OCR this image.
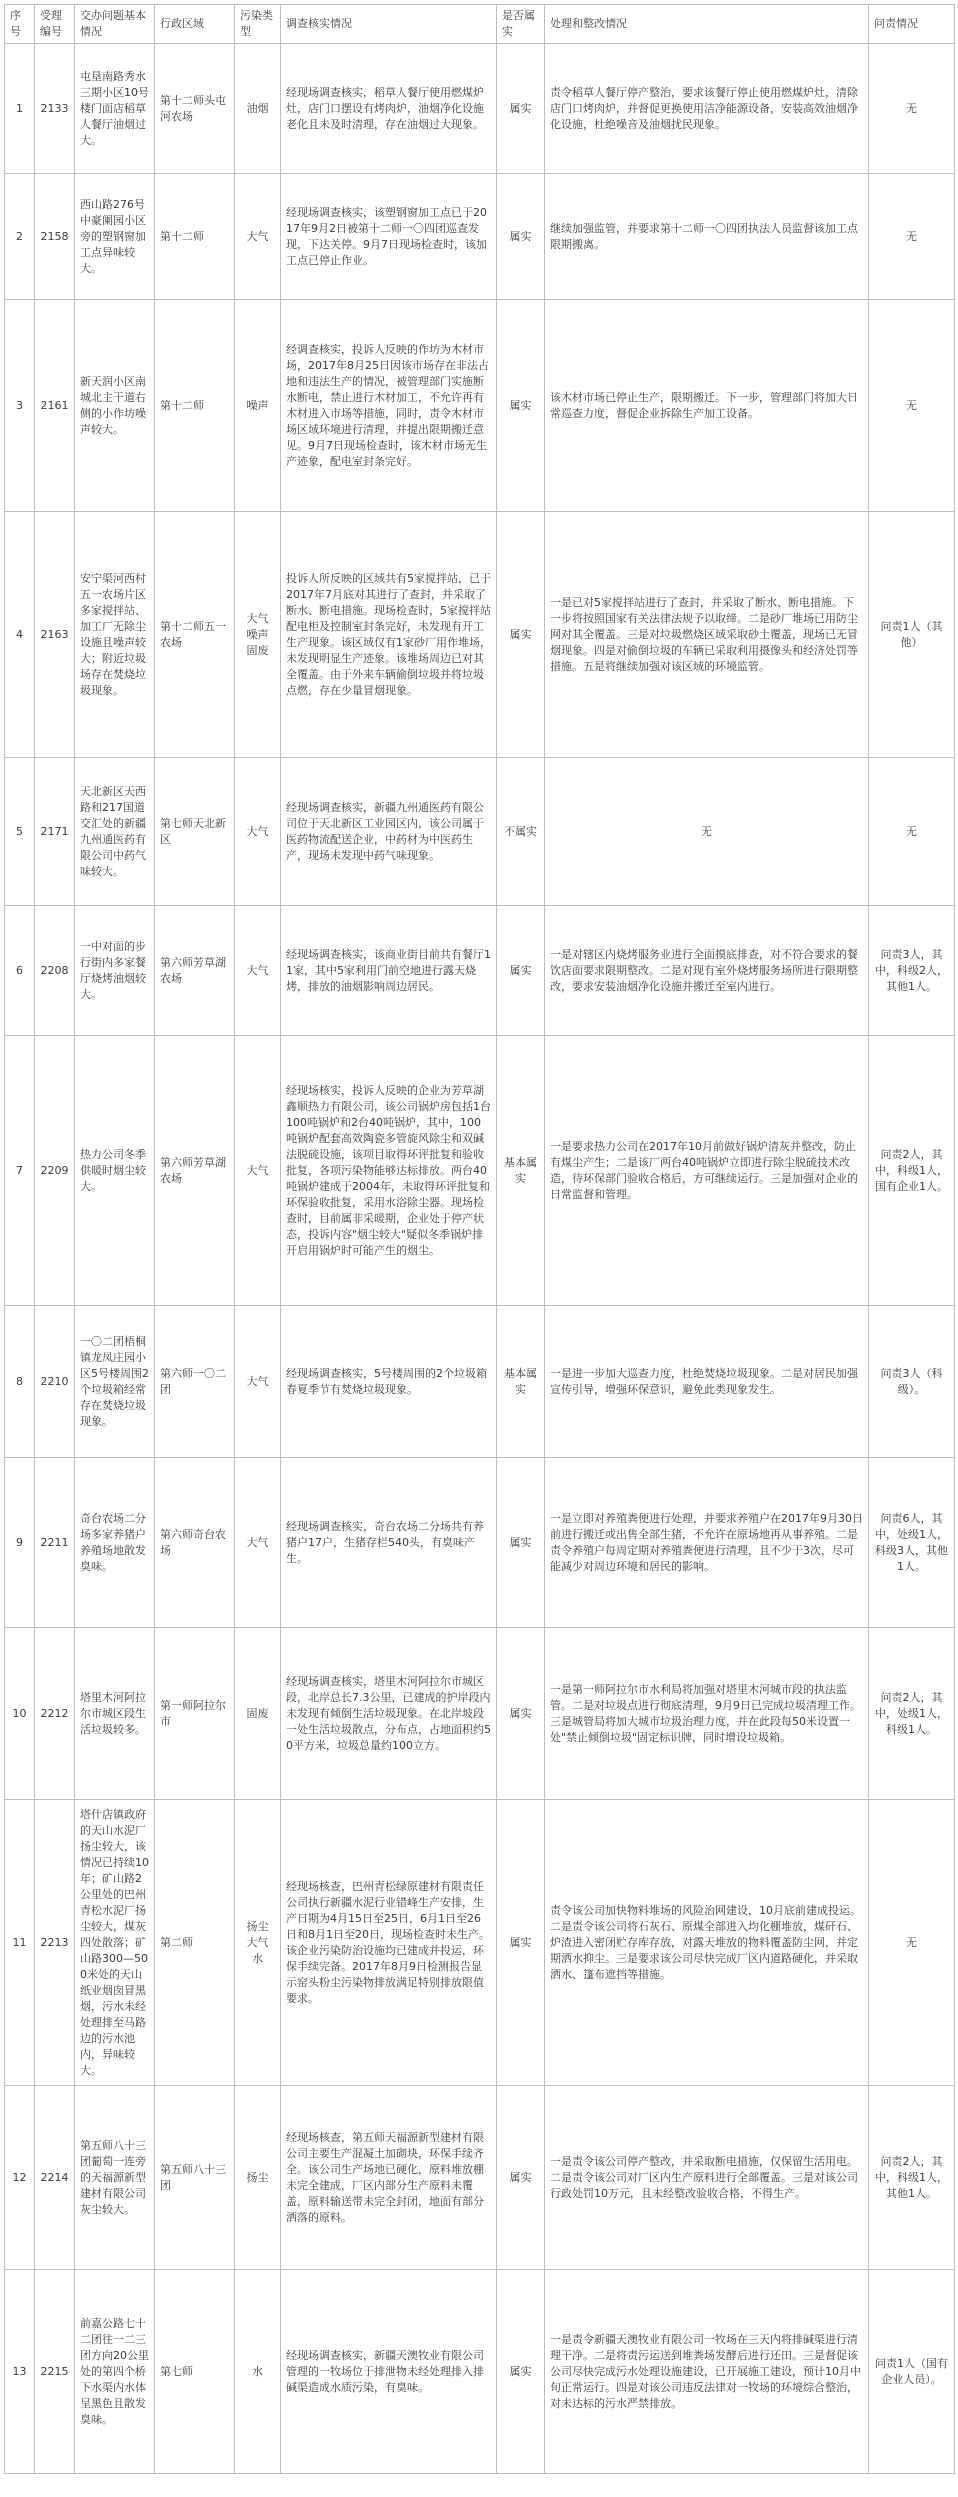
序号	受理编号	交办问题基本情况	行政区域	污染类型	调查核实情况	是否属实	处理和整改情况	问责情况
1	2133	屯垦南路秀水三期小区10号楼门面店稻草人餐厅油烟过大。	第十二师头屯河农场	油烟	经现场调查核实，稻草人餐厅使用燃煤炉灶，店门口摆设有烤肉炉，油烟净化设施老化且未及时清理，存在油烟过大现象。	属实	责令稻草人餐厅停产整治，要求该餐厅停止使用燃煤炉灶，清除店门口烤肉炉，并督促更换使用洁净能源设备，安装高效油烟净化设施，杜绝噪音及油烟扰民现象。	无
2	2158	西山路276号中豪阑园小区旁的塑钢窗加工点异味较大。	第十二师	大气	经现场调查核实，该塑钢窗加工点已于2017年9月2日被第十二师一〇四团巡查发现，下达关停。9月7日现场检查时，该加工点已停止作业。	属实	继续加强监管，并要求第十二师一〇四团执法人员监督该加工点限期搬离。	无
3	2161	新天润小区南城北主干道右侧的小作坊噪声较大。	第十二师	噪声	经调查核实，投诉人反映的作坊为木材市场，2017年8月25日因该市场存在非法占地和违法生产的情况，被管理部门实施断水断电，禁止进行木材加工，不允许再有木材进入市场等措施，同时，责令木材市场区域环境进行清理，并提出限期搬迁意见。9月7日现场检查时，该木材市场无生产迹象，配电室封条完好。	属实	该木材市场已停止生产，限期搬迁。下一步，管理部门将加大日常巡查力度，督促企业拆除生产加工设备。	无
4	2163	安宁渠河西村五一农场片区多家搅拌站、加工厂无除尘设施且噪声较大；附近垃圾场存在焚烧垃圾现象。	第十二师五一农场	大气 噪声 固废	投诉人所反映的区域共有5家搅拌站，已于2017年7月底对其进行了查封，并采取了断水、断电措施。现场检查时，5家搅拌站配电柜及控制室封条完好，未发现有开工生产现象。该区域仅有1家砂厂用作堆场，未发现明显生产迹象。该堆场周边已对其全覆盖。由于外来车辆偷倒垃圾并将垃圾点燃，存在少量冒烟现象。	属实	一是已对5家搅拌站进行了查封，并采取了断水、断电措施。下一步将按照国家有关法律法规予以取缔。二是砂厂堆场已用防尘网对其全覆盖。三是对垃圾燃烧区域采取砂土覆盖，现场已无冒烟现象。四是对偷倒垃圾的车辆已采取利用摄像头和经济处罚等措施。五是将继续加强对该区域的环境监管。	问责1人（其他）
5	2171	天北新区天西路和217国道交汇处的新疆九州通医药有限公司中药气味较大。	第七师天北新区	大气	经现场调查核实，新疆九州通医药有限公司位于天北新区工业园区内，该公司属于医药物流配送企业，中药材为中医药生产，现场未发现中药气味现象。	不属实	无	无
6	2208	一中对面的步行街内多家餐厅烧烤油烟较大。	第六师芳草湖农场	大气	经现场调查核实，该商业街目前共有餐厅11家，其中5家利用门前空地进行露天烧烤，排放的油烟影响周边居民。	属实	一是对辖区内烧烤服务业进行全面摸底排查，对不符合要求的餐饮店面要求限期整改。二是对现有室外烧烤服务场所进行限期整改，要求安装油烟净化设施并搬迁至室内进行。	问责3人，其中，科级2人，其他1人。
7	2209	热力公司冬季供暖时烟尘较大。	第六师芳草湖农场	大气	经现场核实，投诉人反映的企业为芳草湖鑫顺热力有限公司，该公司锅炉房包括1台100吨锅炉和2台40吨锅炉，其中，100吨锅炉配套高效陶瓷多管旋风除尘和双碱法脱硫设施，该项目取得环评批复和验收批复，各项污染物能够达标排放。两台40吨锅炉建成于2004年，未取得环评批复和环保验收批复，采用水浴除尘器。现场检查时，目前属非采暖期，企业处于停产状态，投诉内容"烟尘较大"疑似冬季锅炉排开启用锅炉时可能产生的烟尘。	基本属实	一是要求热力公司在2017年10月前做好锅炉清灰并整改，防止有煤尘产生；二是该厂两台40吨锅炉立即进行除尘脱硫技术改造，待环保部门验收合格后，方可继续运行。三是加强对企业的日常监督和管理。	问责2人，其中，科级1人，国有企业1人。
8	2210	一〇二团梧桐镇龙凤庄园小区5号楼周围2个垃圾箱经常存在焚烧垃圾现象。	第六师一〇二团	大气	经现场调查核实，5号楼周围的2个垃圾箱春夏季节有焚烧垃圾现象。	基本属实	一是进一步加大巡查力度，杜绝焚烧垃圾现象。二是对居民加强宣传引导，增强环保意识，避免此类现象发生。	问责3人（科级）。
9	2211	奇台农场二分场多家养猪户养殖场地散发臭味。	第六师奇台农场	大气	经现场调查核实，奇台农场二分场共有养猪户17户，生猪存栏540头，有臭味产生。	属实	一是立即对养殖粪便进行处理，并要求养殖户在2017年9月30日前进行搬迁或出售全部生猪，不允许在原场地再从事养殖。二是责令养殖户每周定期对养殖粪便进行清理，且不少于3次，尽可能减少对周边环境和居民的影响。	问责6人，其中，处级1人，科级3人，其他1人。
10	2212	塔里木河阿拉尔市城区段生活垃圾较多。	第一师阿拉尔市	固废	经现场调查核实，塔里木河阿拉尔市城区段，北岸总长7.3公里，已建成的护岸段内未发现有倾倒生活垃圾现象。在北岸坡段一处生活垃圾散点，分布点，占地面积约50平方米，垃圾总量约100立方。	属实	一是第一师阿拉尔市水利局将加强对塔里木河城市段的执法监管。二是对垃圾点进行彻底清理，9月9日已完成垃圾清理工作。三是城管局将加大城市垃圾治理力度，并在此段每50米设置一处"禁止倾倒垃圾"固定标识牌，同时增设垃圾箱。	问责2人，其中，处级1人，科级1人。
11	2213	塔什店镇政府的天山水泥厂扬尘较大，该情况已持续10年；矿山路2公里处的巴州青松水泥厂扬尘较大，煤灰四处散落；矿山路300—500米处的天山纸业烟囱冒黑烟，污水未经处理排至马路边的污水池内，异味较大。	第二师	扬尘 大气 水	经现场核查，巴州青松绿原建材有限责任公司执行新疆水泥行业错峰生产安排，生产日期为4月15日至25日，6月1日至26日和8月1日至20日，现场检查时未生产。该企业污染防治设施均已建成并投运，环保手续完备。2017年8月9日检测报告显示窑头粉尘污染物排放满足特别排放限值要求。	属实	责令该公司加快物料堆场的风险治网建设，10月底前建成投运。二是责令该公司将石灰石、原煤全部进入均化棚堆放，煤矸石、炉渣进入密闭贮存库存放，对露天堆放的物料覆盖防尘网，并定期洒水抑尘。三是要求该公司尽快完成厂区内道路硬化，并采取洒水、篷布遮挡等措施。	无
12	2214	第五师八十三团葡萄一连旁的天福源新型建材有限公司灰尘较大。	第五师八十三团	扬尘	经现场核查，第五师天福源新型建材有限公司主要生产混凝土加砌块，环保手续齐全。该公司生产场地已硬化，原料堆放棚未完全建成，厂区内部分生产原料未覆盖，原料输送带未完全封闭，地面有部分洒落的原料。	属实	一是责令该公司停产整改，并采取断电措施，仅保留生活用电。二是责令该公司对厂区内生产原料进行全部覆盖。三是对该公司行政处罚10万元，且未经整改验收合格，不得生产。	问责2人，其中，科级1人，其他1人。
13	2215	前嘉公路七十二团往一二三团方向20公里处的第四个桥下水渠内水体呈黑色且散发臭味。	第七师	水	经现场调查核实，新疆天澳牧业有限公司管理的一牧场位于排泄物未经处理排入排碱渠造成水质污染，有臭味。	属实	一是责令新疆天澳牧业有限公司一牧场在三天内将排碱渠进行清理干净。二是将责污运送到堆粪场发酵后进行还田。三是督促该公司尽快完成污水处理设施建设，已开展施工建设，预计10月中旬正常运行。四是对该公司违反法律对一牧场的环境综合整治，对未达标的污水严禁排放。	问责1人（国有企业人员）。
